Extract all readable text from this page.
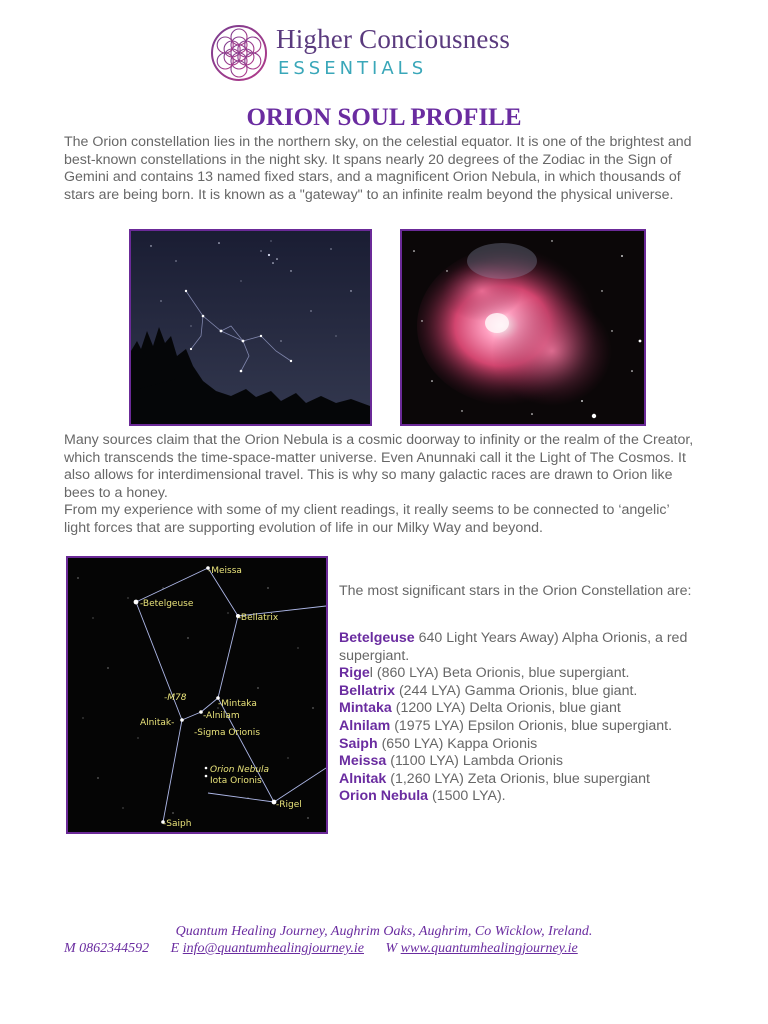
Higher Conciousness
ESSENTIALS
ORION SOUL PROFILE
The Orion constellation lies in the northern sky, on the celestial equator. It is one of the brightest and best-known constellations in the night sky. It spans nearly 20 degrees of the Zodiac in the Sign of Gemini and contains 13 named fixed stars, and a magnificent Orion Nebula, in which thousands of stars are being born. It is known as a "gateway" to an infinite realm beyond the physical universe.
Many sources claim that the Orion Nebula is a cosmic doorway to infinity or the realm of the Creator, which transcends the time-space-matter universe. Even Anunnaki call it the Light of The Cosmos. It also allows for interdimensional travel. This is why so many galactic races are drawn to Orion like bees to a honey.
From my experience with some of my client readings, it really seems to be connected to ‘angelic’ light forces that are supporting evolution of life in our Milky Way and beyond.
-Meissa
-Betelgeuse
-Bellatrix
-M78
-Mintaka
-Alnilam
Alnitak-
-Sigma Orionis
Orion Nebula
Iota Orionis
-Rigel
-Saiph
The most significant stars in the Orion Constellation are:
Betelgeuse 640 Light Years Away) Alpha Orionis, a red supergiant.
Rigel (860 LYA) Beta Orionis, blue supergiant.
Bellatrix (244 LYA) Gamma Orionis, blue giant.
Mintaka (1200 LYA) Delta Orionis, blue giant
Alnilam (1975 LYA) Epsilon Orionis, blue supergiant.
Saiph (650 LYA) Kappa Orionis
Meissa (1100 LYA) Lambda Orionis
Alnitak (1,260 LYA) Zeta Orionis, blue supergiant
Orion Nebula (1500 LYA).
Quantum Healing Journey, Aughrim Oaks, Aughrim, Co Wicklow, Ireland.
M 0862344592 E info@quantumhealingjourney.ie W www.quantumhealingjourney.ie
